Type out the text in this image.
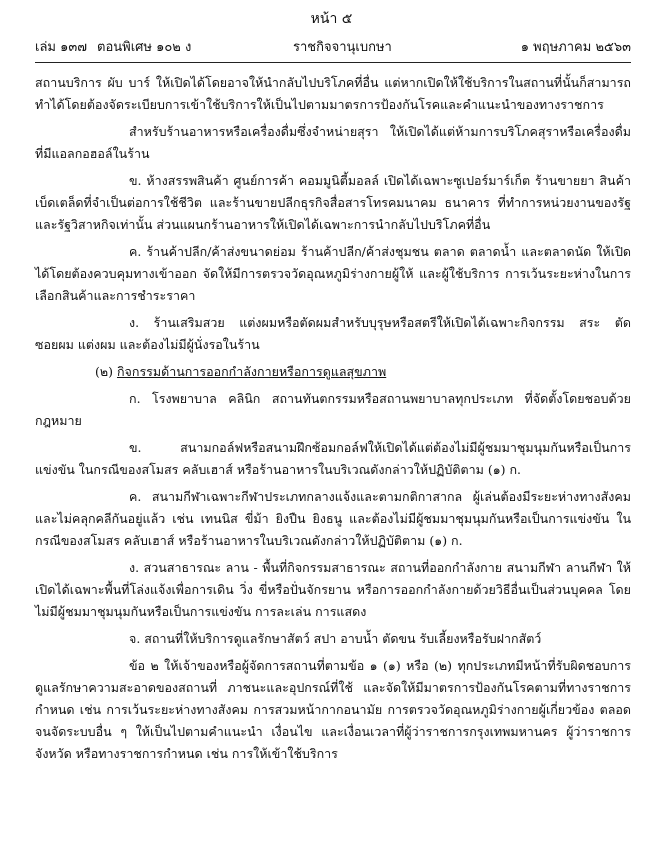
หน้า ๕
เล่ม ๑๓๗ ตอนพิเศษ ๑๐๒ ง	ราชกิจจานุเบกษา	๑ พฤษภาคม ๒๕๖๓

สถานบริการ ผับ บาร์ ให้เปิดได้โดยอาจให้นำกลับไปบริโภคที่อื่น แต่หากเปิดให้ใช้บริการในสถานที่นั้นก็สามารถทำได้โดยต้องจัดระเบียบการเข้าใช้บริการให้เป็นไปตามมาตรการป้องกันโรคและคำแนะนำของทางราชการ

สำหรับร้านอาหารหรือเครื่องดื่มซึ่งจำหน่ายสุรา ให้เปิดได้แต่ห้ามการบริโภคสุราหรือเครื่องดื่มที่มีแอลกอฮอล์ในร้าน

ข. ห้างสรรพสินค้า ศูนย์การค้า คอมมูนิตี้มอลล์ เปิดได้เฉพาะซูเปอร์มาร์เก็ต ร้านขายยา สินค้าเบ็ดเตล็ดที่จำเป็นต่อการใช้ชีวิต และร้านขายปลีกธุรกิจสื่อสารโทรคมนาคม ธนาคาร ที่ทำการหน่วยงานของรัฐและรัฐวิสาหกิจเท่านั้น ส่วนแผนกร้านอาหารให้เปิดได้เฉพาะการนำกลับไปบริโภคที่อื่น

ค. ร้านค้าปลีก/ค้าส่งขนาดย่อม ร้านค้าปลีก/ค้าส่งชุมชน ตลาด ตลาดน้ำ และตลาดนัด ให้เปิดได้โดยต้องควบคุมทางเข้าออก จัดให้มีการตรวจวัดอุณหภูมิร่างกายผู้ให้ และผู้ใช้บริการ การเว้นระยะห่างในการเลือกสินค้าและการชำระราคา

ง. ร้านเสริมสวย แต่งผมหรือตัดผมสำหรับบุรุษหรือสตรีให้เปิดได้เฉพาะกิจกรรม สระ ตัด ซอยผม แต่งผม และต้องไม่มีผู้นั่งรอในร้าน

(๒) กิจกรรมด้านการออกกำลังกายหรือการดูแลสุขภาพ

ก. โรงพยาบาล คลินิก สถานทันตกรรมหรือสถานพยาบาลทุกประเภท ที่จัดตั้งโดยชอบด้วยกฎหมาย

ข. สนามกอล์ฟหรือสนามฝึกซ้อมกอล์ฟให้เปิดได้แต่ต้องไม่มีผู้ชมมาชุมนุมกันหรือเป็นการแข่งขัน ในกรณีของสโมสร คลับเฮาส์ หรือร้านอาหารในบริเวณดังกล่าวให้ปฏิบัติตาม (๑) ก.

ค. สนามกีฬาเฉพาะกีฬาประเภทกลางแจ้งและตามกติกาสากล ผู้เล่นต้องมีระยะห่างทางสังคมและไม่คลุกคลีกันอยู่แล้ว เช่น เทนนิส ขี่ม้า ยิงปืน ยิงธนู และต้องไม่มีผู้ชมมาชุมนุมกันหรือเป็นการแข่งขัน ในกรณีของสโมสร คลับเฮาส์ หรือร้านอาหารในบริเวณดังกล่าวให้ปฏิบัติตาม (๑) ก.

ง. สวนสาธารณะ ลาน - พื้นที่กิจกรรมสาธารณะ สถานที่ออกกำลังกาย สนามกีฬา ลานกีฬา ให้เปิดได้เฉพาะพื้นที่โล่งแจ้งเพื่อการเดิน วิ่ง ขี่หรือปั่นจักรยาน หรือการออกกำลังกายด้วยวิธีอื่นเป็นส่วนบุคคล โดยไม่มีผู้ชมมาชุมนุมกันหรือเป็นการแข่งขัน การละเล่น การแสดง

จ. สถานที่ให้บริการดูแลรักษาสัตว์ สปา อาบน้ำ ตัดขน รับเลี้ยงหรือรับฝากสัตว์

ข้อ ๒ ให้เจ้าของหรือผู้จัดการสถานที่ตามข้อ ๑ (๑) หรือ (๒) ทุกประเภทมีหน้าที่รับผิดชอบการดูแลรักษาความสะอาดของสถานที่ ภาชนะและอุปกรณ์ที่ใช้ และจัดให้มีมาตรการป้องกันโรคตามที่ทางราชการกำหนด เช่น การเว้นระยะห่างทางสังคม การสวมหน้ากากอนามัย การตรวจวัดอุณหภูมิร่างกายผู้เกี่ยวข้อง ตลอดจนจัดระบบอื่น ๆ ให้เป็นไปตามคำแนะนำ เงื่อนไข และเงื่อนเวลาที่ผู้ว่าราชการกรุงเทพมหานคร ผู้ว่าราชการจังหวัด หรือทางราชการกำหนด เช่น การให้เข้าใช้บริการ
